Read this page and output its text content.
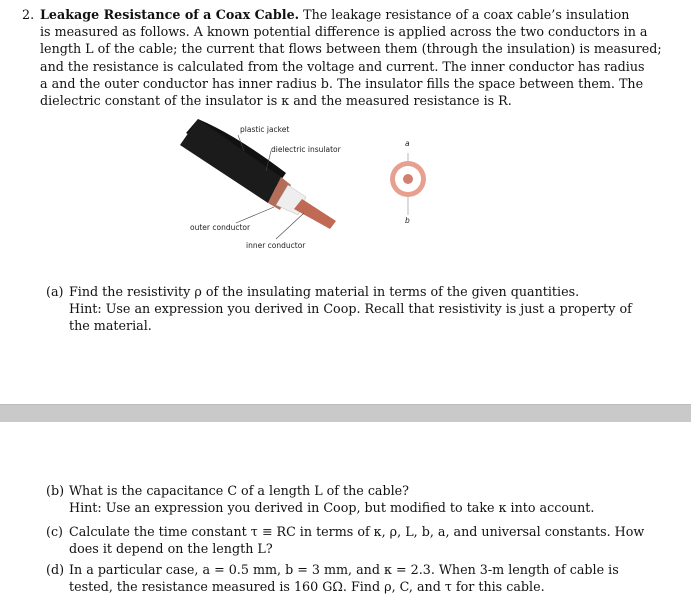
2. Leakage Resistance of a Coax Cable. The leakage resistance of a coax cable’s insulation
is measured as follows. A known potential difference is applied across the two conductors in a
length L of the cable; the current that flows between them (through the insulation) is measured;
and the resistance is calculated from the voltage and current. The inner conductor has radius
a and the outer conductor has inner radius b. The insulator fills the space between them. The
dielectric constant of the insulator is κ and the measured resistance is R.
plastic jacket
dielectric insulator
outer conductor
inner conductor
a
b
(a) Find the resistivity ρ of the insulating material in terms of the given quantities.
Hint: Use an expression you derived in Coop. Recall that resistivity is just a property of
the material.
(b) What is the capacitance C of a length L of the cable?
Hint: Use an expression you derived in Coop, but modified to take κ into account.
(c) Calculate the time constant τ ≡ RC in terms of κ, ρ, L, b, a, and universal constants. How
does it depend on the length L?
(d) In a particular case, a = 0.5 mm, b = 3 mm, and κ = 2.3. When 3-m length of cable is
tested, the resistance measured is 160 GΩ. Find ρ, C, and τ for this cable.
